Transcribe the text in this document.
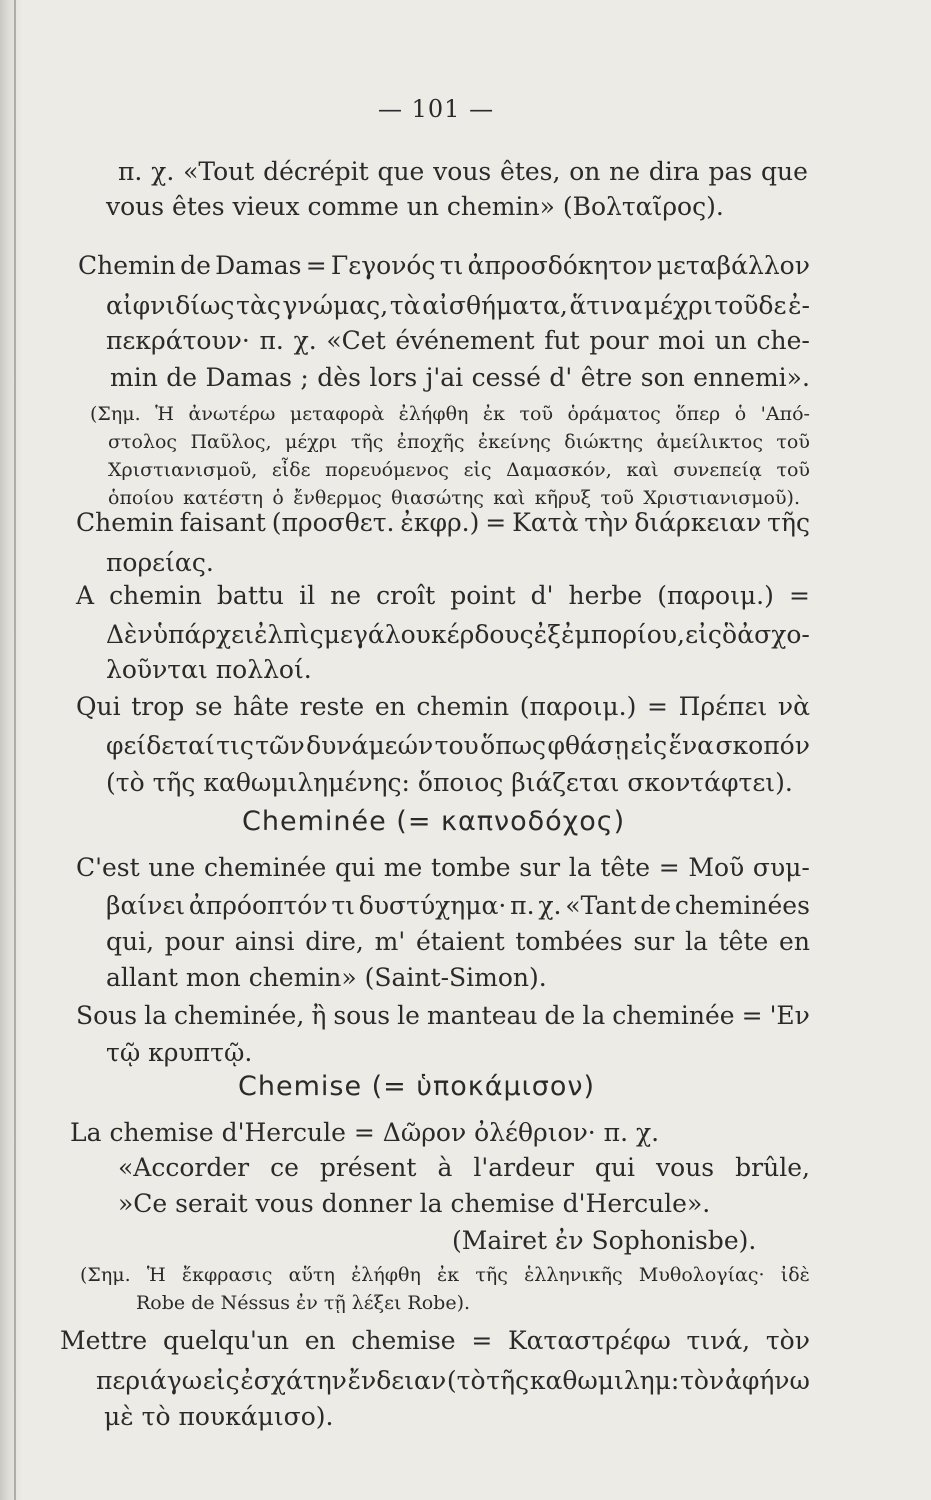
— 101 —
π. χ. «Tout décrépit que vous êtes, on ne dira pas que
vous êtes vieux comme un chemin» (Βολταῖρος).
Chemin de Damas = Γεγονός τι ἀπροσδόκητον μεταβάλλον
αἰφνιδίως τὰς γνώμας, τὰ αἰσθήματα, ἅτινα μέχρι τοῦδε ἐ-
πεκράτουν· π. χ. «Cet événement fut pour moi un che-
min de Damas ; dès lors j'ai cessé d' être son ennemi».
(Σημ. Ἡ ἀνωτέρω μεταφορὰ ἐλήφθη ἐκ τοῦ ὁράματος ὅπερ ὁ 'Από-
στολος Παῦλος, μέχρι τῆς ἐποχῆς ἐκείνης διώκτης ἀμείλικτος τοῦ
Χριστιανισμοῦ, εἶδε πορευόμενος εἰς Δαμασκόν, καὶ συνεπείᾳ τοῦ
ὁποίου κατέστη ὁ ἔνθερμος θιασώτης καὶ κῆρυξ τοῦ Χριστιανισμοῦ).
Chemin faisant (προσθετ. ἐκφρ.) = Κατὰ τὴν διάρκειαν τῆς
πορείας.
A chemin battu il ne croît point d' herbe (παροιμ.) =
Δὲν ὑπάρχει ἐλπὶς μεγάλου κέρδους ἐξ ἐμπορίου, εἰς ὃ ἀσχο-
λοῦνται πολλοί.
Qui trop se hâte reste en chemin (παροιμ.) = Πρέπει νὰ
φείδεταί τις τῶν δυνάμεών του ὅπως φθάσῃ εἰς ἕνα σκοπόν
(τὸ τῆς καθωμιλημένης: ὅποιος βιάζεται σκοντάφτει).
Cheminée (= καπνοδόχος)
C'est une cheminée qui me tombe sur la tête = Μοῦ συμ-
βαίνει ἀπρόοπτόν τι δυστύχημα· π. χ. «Tant de cheminées
qui, pour ainsi dire, m' étaient tombées sur la tête en
allant mon chemin» (Saint-Simon).
Sous la cheminée, ἢ sous le manteau de la cheminée = 'Εν
τῷ κρυπτῷ.
Chemise (= ὑποκάμισον)
La chemise d'Hercule = Δῶρον ὀλέθριον· π. χ.
«Accorder ce présent à l'ardeur qui vous brûle,
»Ce serait vous donner la chemise d'Hercule».
(Mairet ἐν Sophonisbe).
(Σημ. Ἡ ἔκφρασις αὕτη ἐλήφθη ἐκ τῆς ἑλληνικῆς Μυθολογίας· ἰδὲ
Robe de Néssus ἐν τῇ λέξει Robe).
Mettre quelqu'un en chemise = Καταστρέφω τινά, τὸν
περιάγω εἰς ἐσχάτην ἔνδειαν (τὸ τῆς καθωμιλημ: τὸν ἀφήνω
μὲ τὸ πουκάμισο).
